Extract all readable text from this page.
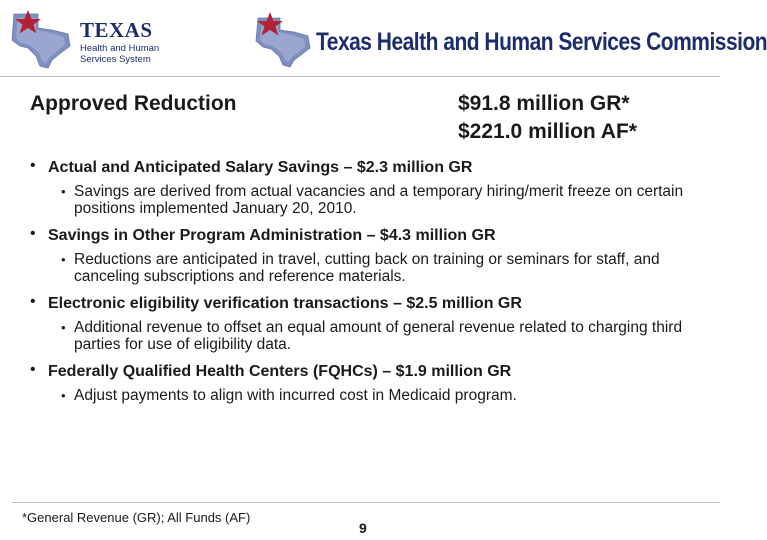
TEXAS
Health and Human Services System
Texas Health and Human Services Commission
Approved Reduction	$91.8 million GR*
$221.0 million AF*
• Actual and Anticipated Salary Savings – $2.3 million GR
• Savings are derived from actual vacancies and a temporary hiring/merit freeze on certain positions implemented January 20, 2010.
• Savings in Other Program Administration – $4.3 million GR
• Reductions are anticipated in travel, cutting back on training or seminars for staff, and canceling subscriptions and reference materials.
• Electronic eligibility verification transactions – $2.5 million GR
• Additional revenue to offset an equal amount of general revenue related to charging third parties for use of eligibility data.
• Federally Qualified Health Centers (FQHCs) – $1.9 million GR
• Adjust payments to align with incurred cost in Medicaid program.
*General Revenue (GR); All Funds (AF)
9
